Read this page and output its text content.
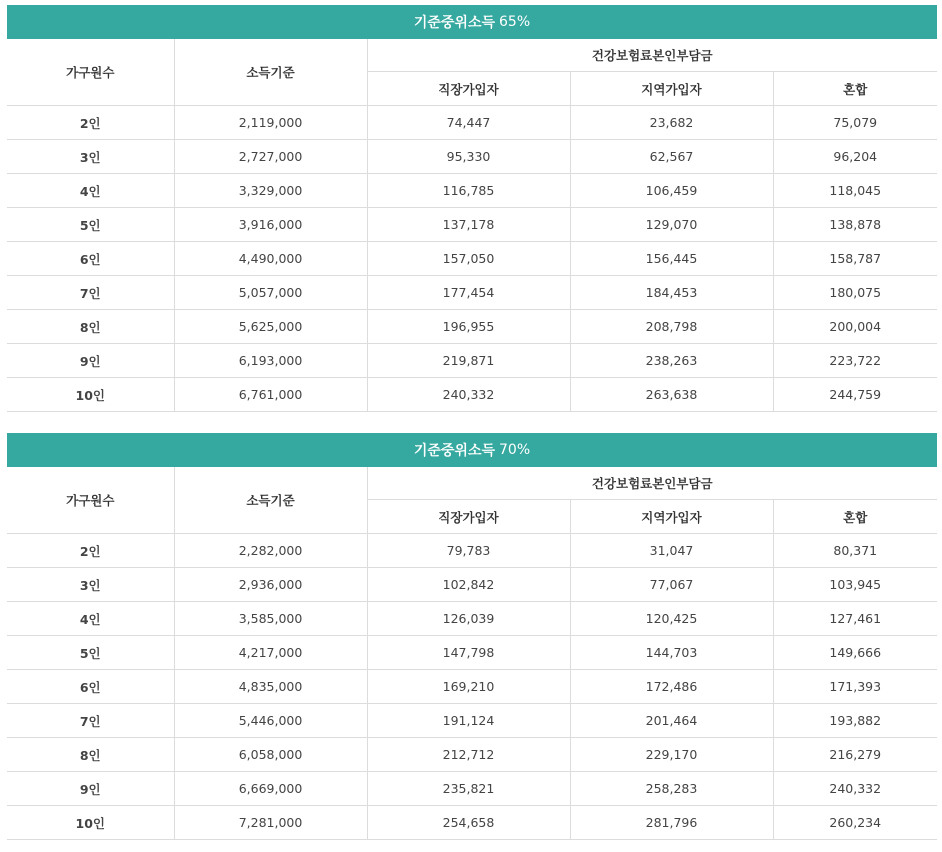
기준중위소득 65%
가구원수	소득기준	건강보험료본인부담금		
		직장가입자	지역가입자	혼합
2인	2,119,000	74,447	23,682	75,079
3인	2,727,000	95,330	62,567	96,204
4인	3,329,000	116,785	106,459	118,045
5인	3,916,000	137,178	129,070	138,878
6인	4,490,000	157,050	156,445	158,787
7인	5,057,000	177,454	184,453	180,075
8인	5,625,000	196,955	208,798	200,004
9인	6,193,000	219,871	238,263	223,722
10인	6,761,000	240,332	263,638	244,759
기준중위소득 70%
가구원수	소득기준	건강보험료본인부담금		
		직장가입자	지역가입자	혼합
2인	2,282,000	79,783	31,047	80,371
3인	2,936,000	102,842	77,067	103,945
4인	3,585,000	126,039	120,425	127,461
5인	4,217,000	147,798	144,703	149,666
6인	4,835,000	169,210	172,486	171,393
7인	5,446,000	191,124	201,464	193,882
8인	6,058,000	212,712	229,170	216,279
9인	6,669,000	235,821	258,283	240,332
10인	7,281,000	254,658	281,796	260,234
